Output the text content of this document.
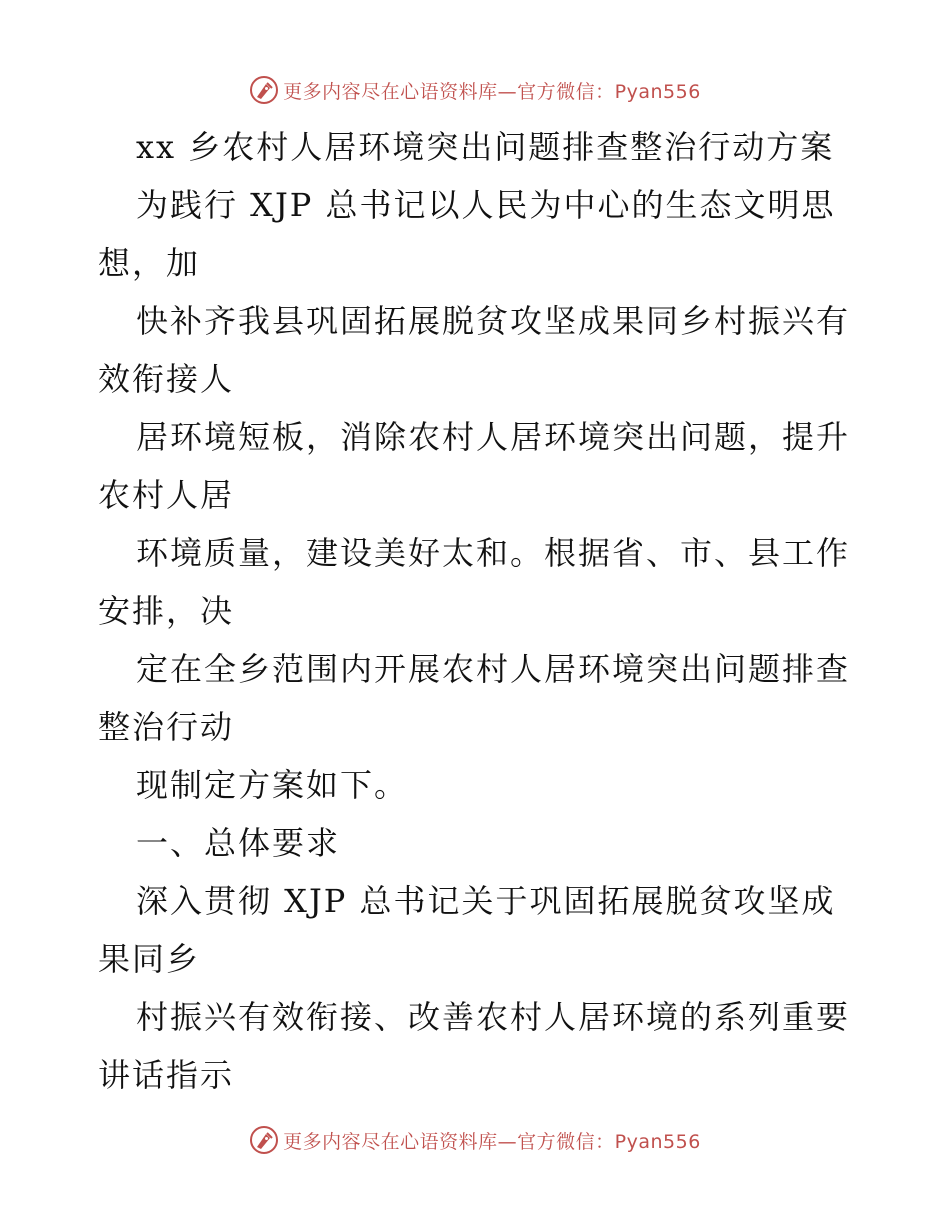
更多内容尽在心语资料库—官方微信：Pyan556
xx 乡农村人居环境突出问题排查整治行动方案
为践行 XJP 总书记以人民为中心的生态文明思
想，加
快补齐我县巩固拓展脱贫攻坚成果同乡村振兴有
效衔接人
居环境短板，消除农村人居环境突出问题，提升
农村人居
环境质量，建设美好太和。根据省、市、县工作
安排，决
定在全乡范围内开展农村人居环境突出问题排查
整治行动
现制定方案如下。
一、总体要求
深入贯彻 XJP 总书记关于巩固拓展脱贫攻坚成
果同乡
村振兴有效衔接、改善农村人居环境的系列重要
讲话指示
更多内容尽在心语资料库—官方微信：Pyan556
